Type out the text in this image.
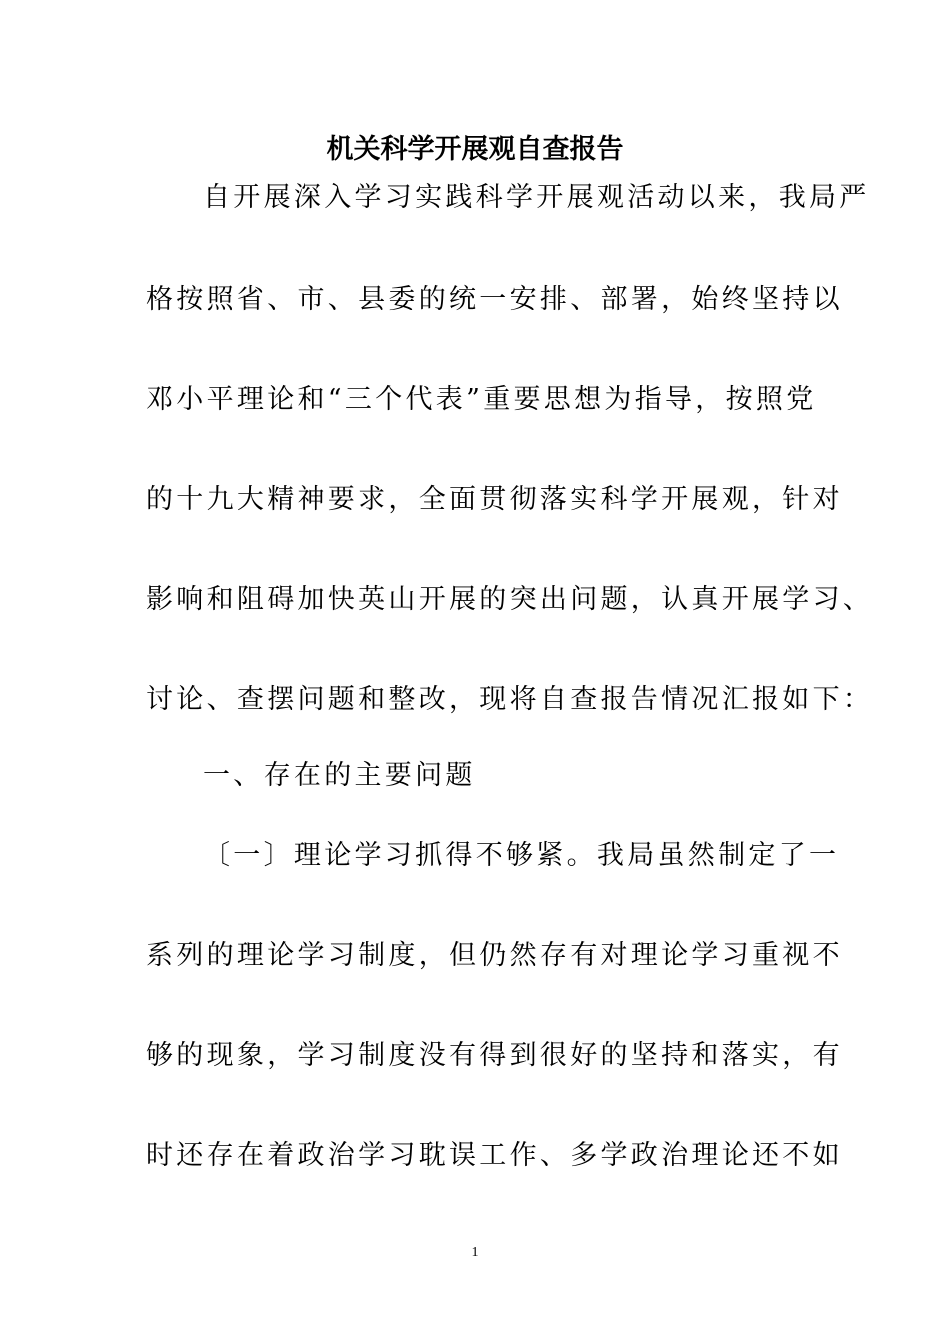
机关科学开展观自查报告
自开展深入学习实践科学开展观活动以来，我局严
格按照省、市、县委的统一安排、部署，始终坚持以
邓小平理论和“三个代表”重要思想为指导，按照党
的十九大精神要求，全面贯彻落实科学开展观，针对
影响和阻碍加快英山开展的突出问题，认真开展学习、
讨论、查摆问题和整改，现将自查报告情况汇报如下：
一、存在的主要问题
〔一〕理论学习抓得不够紧。我局虽然制定了一
系列的理论学习制度，但仍然存有对理论学习重视不
够的现象，学习制度没有得到很好的坚持和落实，有
时还存在着政治学习耽误工作、多学政治理论还不如
1
